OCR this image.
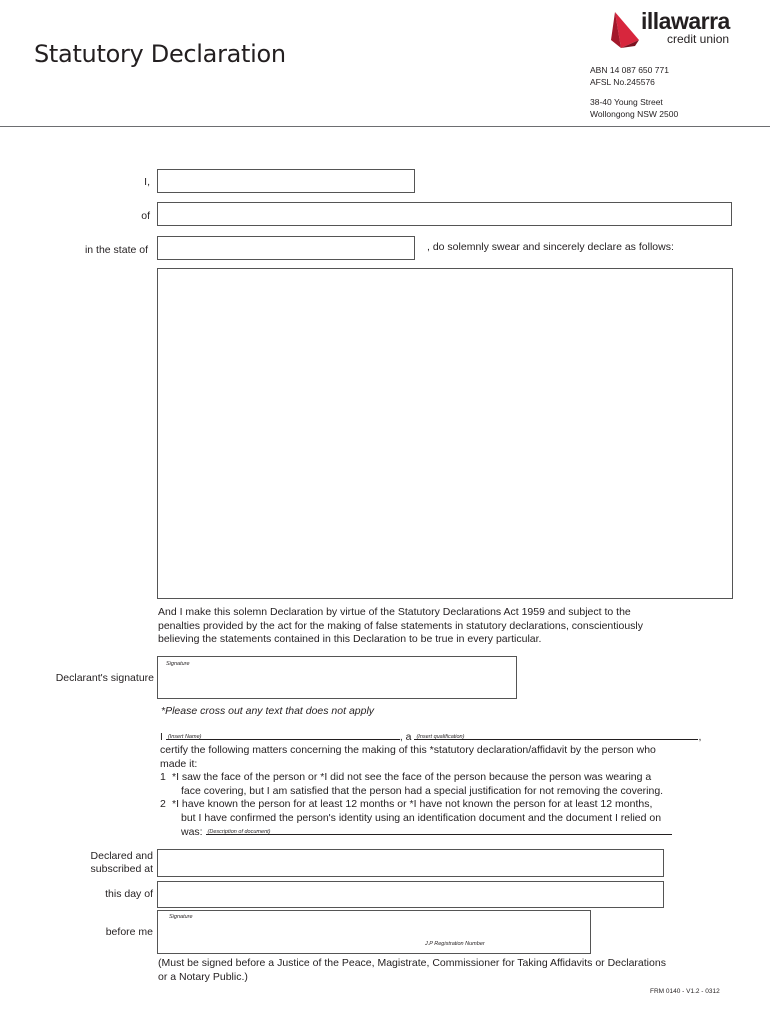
Statutory Declaration
illawarra
credit union
ABN 14 087 650 771
AFSL No.245576
38-40 Young Street
Wollongong NSW 2500
I,
of
in the state of	, do solemnly swear and sincerely declare as follows:
And I make this solemn Declaration by virtue of the Statutory Declarations Act 1959 and subject to the
penalties provided by the act for the making of false statements in statutory declarations, conscientiously
believing the statements contained in this Declaration to be true in every particular.
Declarant's signature
Signature
*Please cross out any text that does not apply
I (Insert Name)	, a (Insert qualification)	,
certify the following matters concerning the making of this *statutory declaration/affidavit by the person who
made it:
1 *I saw the face of the person or *I did not see the face of the person because the person was wearing a
face covering, but I am satisfied that the person had a special justification for not removing the covering.
2 *I have known the person for at least 12 months or *I have not known the person for at least 12 months,
but I have confirmed the person's identity using an identification document and the document I relied on
was: (Description of document)
Declared and
subscribed at
this day of
before me
Signature
J.P Registration Number
(Must be signed before a Justice of the Peace, Magistrate, Commissioner for Taking Affidavits or Declarations
or a Notary Public.)
FRM 0140 - V1.2 - 0312
